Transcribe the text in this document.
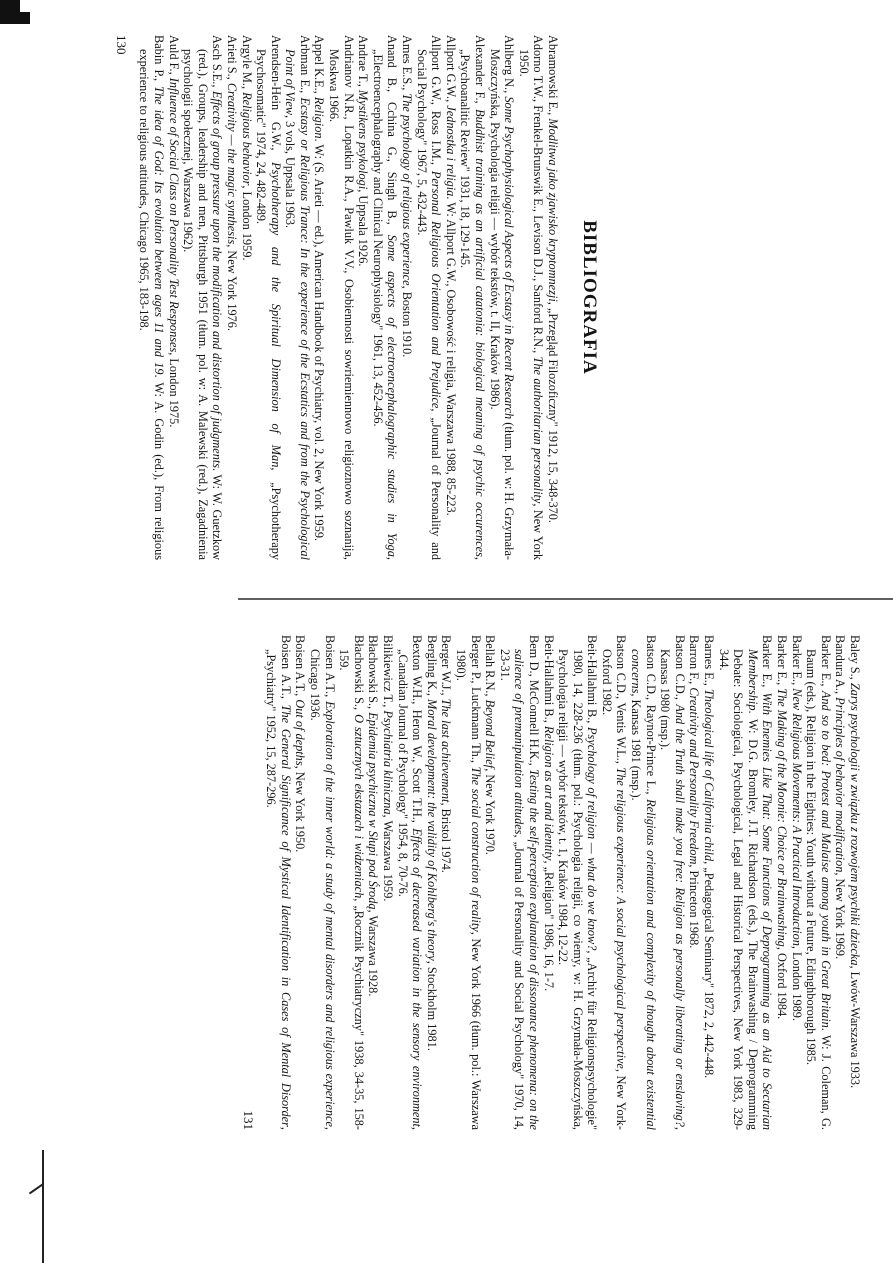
BIBLIOGRAFIA
Abramowski E., Modlitwa jako zjawisko kryptomnezji, „Przegląd Filozoficzny" 1912, 15, 348-370.
Adorno T.W., Frenkel-Brunswik E., Levison D.J., Sanford R.N., The authoritarian personality, New York 1950.
Ahlberg N., Some Psychophysiological Aspects of Ecstasy in Recent Research (tłum. pol. w: H. Grzymała-Moszczyńska, Psychologia religii — wybór tekstów, t. II, Kraków 1986).
Alexander F., Buddhist training as an artificial catatonia: biological meaning of psychic occurences, „Psychoanalitic Review" 1931, 18, 129-145.
Allport G.W., Jednostka i religia. W: Allport G.W., Osobowość i religia, Warszawa 1988, 85-223.
Allport G.W., Ross I.M., Personal Religious Orientation and Prejudice, „Journal of Personality and Social Psychology" 1967, 5, 432-443.
Ames E.S., The psychology of religious experience, Boston 1910.
Anand B., Cchina G., Singh B., Some aspects of electroencephalographic studies in Yoga, „Electroencephalography and Clinical Neurophysiology" 1961, 13, 452-456.
Andrae T., Mystikens psykologi, Uppsala 1926.
Andrianov N.R., Lopatkin R.A., Pawluk V.V., Osobiennosti sowriemiennowo religioznowo soznanija, Moskwa 1966.
Appel K.E., Religion. W: (S. Arieti — ed.), American Handbook of Psychiatry, vol. 2, New York 1959.
Arbman E., Ecstasy or Religious Trance: In the experience of the Ecstatics and from the Psychological Point of View, 3 vols, Uppsala 1963.
Arendsen-Hein G.W., Psychotherapy and the Spiritual Dimension of Man, „Psychotherapy Psychosomatic" 1974, 24, 482-489.
Argyle M., Religious behavior, London 1959.
Arieti S., Creativity — the magic synthesis, New York 1976.
Asch S.E., Effects of group pressure upon the modification and distortion of judgments. W: W. Guetzkow (red.), Groups, leadership and men, Pittsburgh 1951 (tłum. pol. w: A. Malewski (red.), Zagadnienia psychologii społecznej, Warszawa 1962).
Auld F., Influence of Social Class on Personality Test Responses, London 1975.
Babin P., The idea of God: Its evolution between ages 11 and 19. W: A. Godin (ed.), From religious experience to religious attitudes, Chicago 1965, 183-198.
130
Baley S., Zarys psychologii w związku z rozwojem psychiki dziecka, Lwów-Warszawa 1933.
Bandura A., Principles of behavior modification, New York 1969.
Barker E., And so to bed: Protest and Malaise among youth in Great Britain. W: J. Coleman, G. Baum (eds.), Religion in the Eighties: Youth without a Future, Edinghborough 1985.
Barker E., New Religious Movements: A Practical Introduction, London 1989.
Barker E., The Making of the Moonie: Choice or Brainwashing, Oxford 1984.
Barker E., With Enemies Like That: Some Functions of Deprogramming as an Aid to Sectarian Membership. W: D.G. Bromley, J.T. Richardson (eds.), The Brainwashing / Deprogramming Debate: Sociological, Psychological, Legal and Historical Perspectives, New York 1983, 329-344.
Barnes E., Theological life of California child, „Pedagogical Seminary" 1872, 2, 442-448.
Barron F., Creativity and Personality Freedom, Princeton 1968.
Batson C.D., And the Truth shall make you free: Religion as personally liberating or enslaving?, Kansas 1980 (msp.).
Batson C.D., Raynor-Prince L., Religious orientation and complexity of thought about existential concerns, Kansas 1981 (msp.).
Batson C.D., Ventis W.L., The religious experience: A social psychological perspective, New York-Oxford 1982.
Beit-Hallahmi B., Psychology of religion — what do we know?, „Archiv für Religionspsychologie" 1980, 14, 228-236 (tłum. pol.: Psychologia religii, co wiemy, w: H. Grzymała-Moszczyńska, Psychologia religii — wybór tekstów, t. 1, Kraków 1984, 12-22.
Beit-Hallahmi B., Religion as art and identity, „Religion" 1986, 16, 1-7.
Bem D., McConnell H.K., Testing the self-perception explanation of dissonance phenomena: on the salience of premanipulation attitudes, „Journal of Personality and Social Psychology" 1970, 14, 23-31.
Bellah R.N., Beyond Belief, New York 1970.
Berger P., Luckmann Th., The social construction of reality, New York 1966 (tłum. pol.: Warszawa 1980).
Berger W.J., The last achievement, Bristol 1974.
Bergling K., Moral development: the validity of Kohlberg's theory, Stockholm 1981.
Bexton W.H., Heron W., Scott T.H., Effects of decreased variation in the sensory environment, „Canadian Journal of Psychology" 1954, 8, 70-76.
Bilikiewicz T., Psychiatria kliniczna, Warszawa 1959.
Błachowski S., Epidemia psychiczna w Słupi pod Środą, Warszawa 1928.
Błachowski S., O sztucznych ekstazach i widzeniach, „Rocznik Psychiatryczny" 1938, 34-35, 158-159.
Boisen A.T., Exploration of the inner world: a study of mental disorders and religious experience, Chicago 1936.
Boisen A.T., Out of depths, New York 1950.
Boisen A.T., The General Significance of Mystical Identification in Cases of Mental Disorder, „Psychiatry" 1952, 15, 287-296.
131
